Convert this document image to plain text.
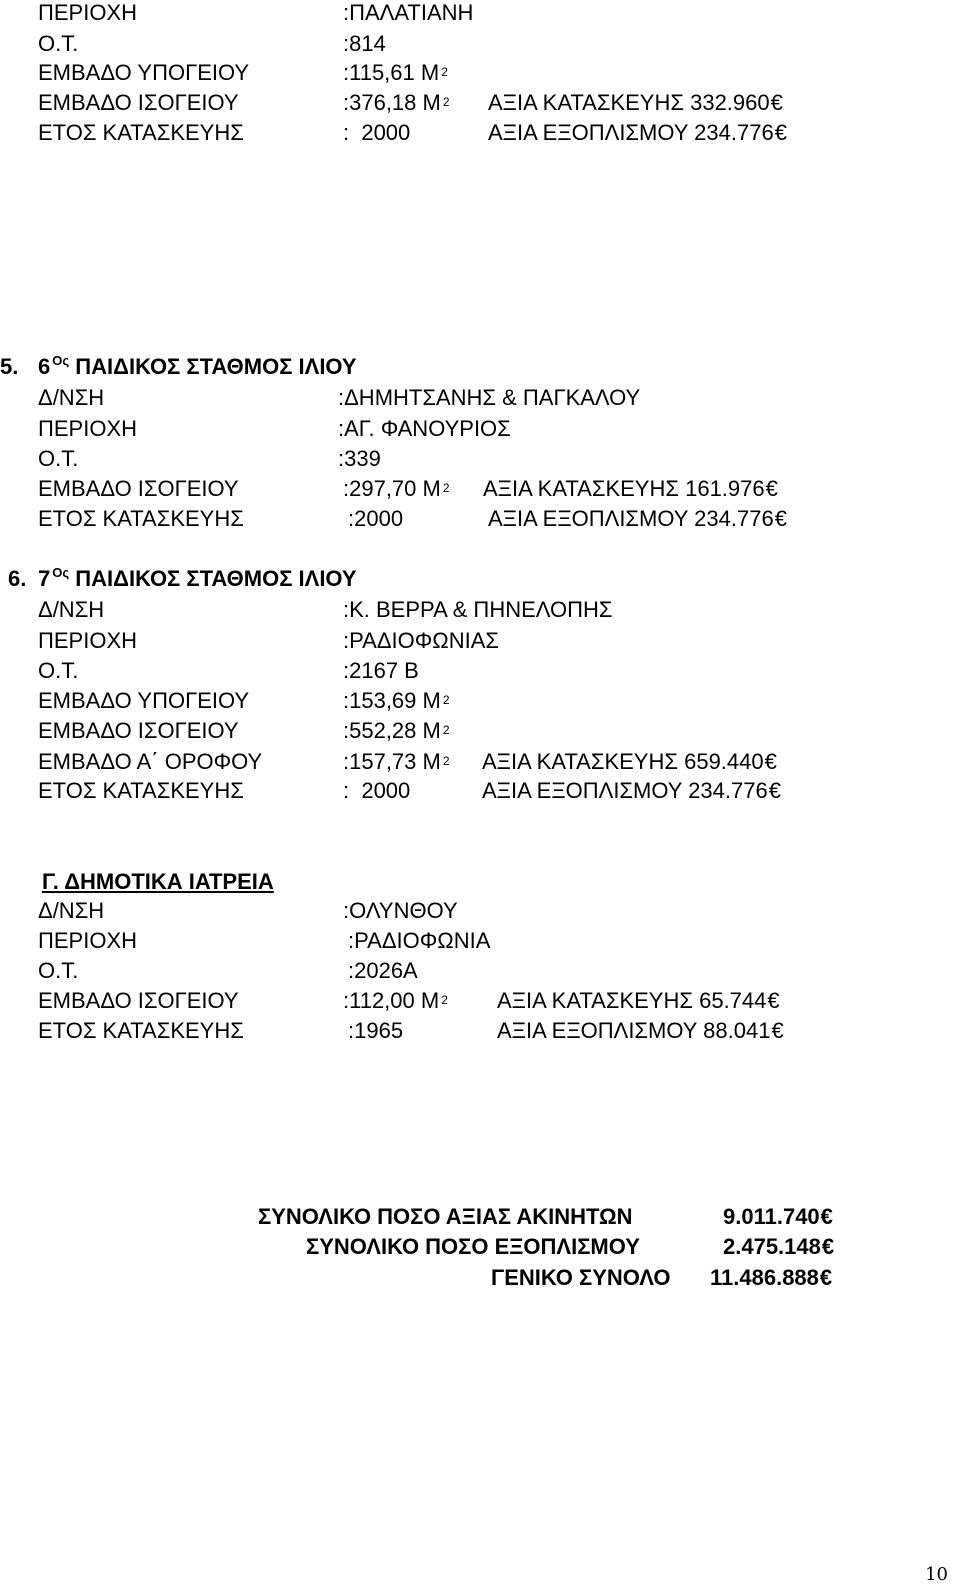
ΠΕΡΙΟΧΗ	:ΠΑΛΑΤΙΑΝΗ
Ο.Τ.	:814
ΕΜΒΑΔΟ ΥΠΟΓΕΙΟΥ	:115,61 Μ $^2$
ΕΜΒΑΔΟ ΙΣΟΓΕΙΟΥ	:376,18 Μ $^2$ ΑΞΙΑ ΚΑΤΑΣΚΕΥΗΣ 332.960€
ΕΤΟΣ ΚΑΤΑΣΚΕΥΗΣ	:  2000	ΑΞΙΑ ΕΞΟΠΛΙΣΜΟΥ 234.776€
5. 6 $^{O\varsigma}$ ΠΑΙΔΙΚΟΣ ΣΤΑΘΜΟΣ ΙΛΙΟΥ
Δ/ΝΣΗ	:ΔΗΜΗΤΣΑΝΗΣ & ΠΑΓΚΑΛΟΥ
ΠΕΡΙΟΧΗ	:ΑΓ. ΦΑΝΟΥΡΙΟΣ
Ο.Τ.	:339
ΕΜΒΑΔΟ ΙΣΟΓΕΙΟΥ	:297,70 Μ $^2$ ΑΞΙΑ ΚΑΤΑΣΚΕΥΗΣ 161.976€
ΕΤΟΣ ΚΑΤΑΣΚΕΥΗΣ	:2000	ΑΞΙΑ ΕΞΟΠΛΙΣΜΟΥ 234.776€
6. 7 $^{O\varsigma}$ ΠΑΙΔΙΚΟΣ ΣΤΑΘΜΟΣ ΙΛΙΟΥ
Δ/ΝΣΗ	:Κ. ΒΕΡΡΑ & ΠΗΝΕΛΟΠΗΣ
ΠΕΡΙΟΧΗ	:ΡΑΔΙΟΦΩΝΙΑΣ
Ο.Τ.	:2167 Β
ΕΜΒΑΔΟ ΥΠΟΓΕΙΟΥ	:153,69 Μ $^2$
ΕΜΒΑΔΟ ΙΣΟΓΕΙΟΥ	:552,28 Μ $^2$
ΕΜΒΑΔΟ Α΄ ΟΡΟΦΟΥ	:157,73 Μ $^2$ ΑΞΙΑ ΚΑΤΑΣΚΕΥΗΣ 659.440€
ΕΤΟΣ ΚΑΤΑΣΚΕΥΗΣ	:  2000	ΑΞΙΑ ΕΞΟΠΛΙΣΜΟΥ 234.776€
Γ. ΔΗΜΟΤΙΚΑ ΙΑΤΡΕΙΑ
Δ/ΝΣΗ	:ΟΛΥΝΘΟΥ
ΠΕΡΙΟΧΗ	:ΡΑΔΙΟΦΩΝΙΑ
Ο.Τ.	:2026Α
ΕΜΒΑΔΟ ΙΣΟΓΕΙΟΥ	:112,00 Μ $^2$ ΑΞΙΑ ΚΑΤΑΣΚΕΥΗΣ 65.744€
ΕΤΟΣ ΚΑΤΑΣΚΕΥΗΣ	:1965	ΑΞΙΑ ΕΞΟΠΛΙΣΜΟΥ 88.041€
ΣΥΝΟΛΙΚΟ ΠΟΣΟ ΑΞΙΑΣ ΑΚΙΝΗΤΩΝ	9.011.740€
ΣΥΝΟΛΙΚΟ ΠΟΣΟ ΕΞΟΠΛΙΣΜΟΥ	2.475.148€
ΓΕΝΙΚΟ ΣΥΝΟΛΟ 11.486.888€
10
